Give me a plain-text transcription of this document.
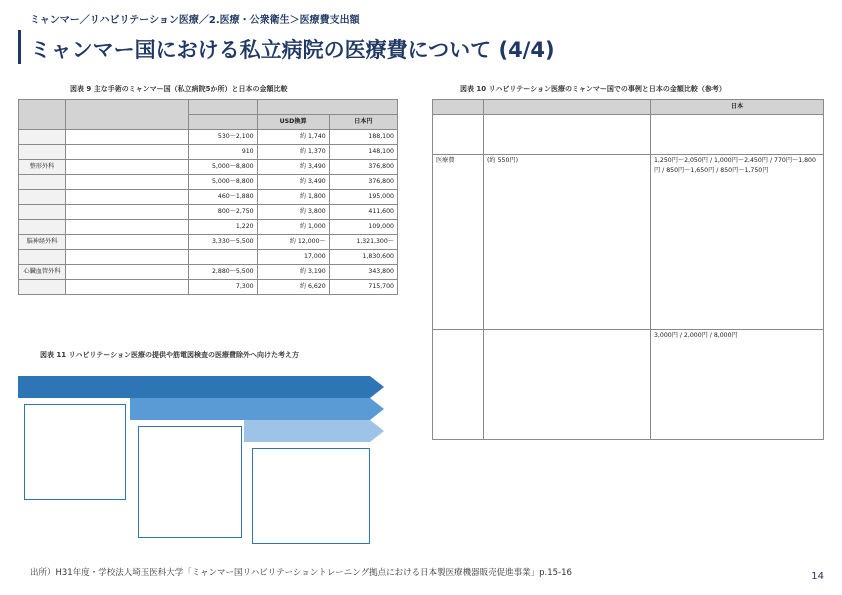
ミャンマー／リハビリテーション医療／2.医療・公衆衛生＞医療費支出額
ミャンマー国における私立病院の医療費について (4/4)
図表 9 主な手術のミャンマー国（私立病院5か所）と日本の金額比較

			USD換算	日本円
		530～2,100	約 1,740	188,100
		910	約 1,370	148,100
整形外科		5,000～8,800	約 3,490	376,800
		5,000～8,800	約 3,490	376,800
		460～1,880	約 1,800	195,000
		800～2,750	約 3,800	411,600
		1,220	約 1,000	109,000
脳神経外科		3,330～5,500	約 12,000～	1,321,300～
			17,000	1,830,600
心臓血管外科		2,880～5,500	約 3,190	343,800
		7,300	約 6,620	715,700
図表 10 リハビリテーション医療のミャンマー国での事例と日本の金額比較（参考）
		日本

医療費	(約 550円)	1,250円～2,050円 / 1,000円～2,450円 / 770円～1,800円 / 850円～1,650円 / 850円～1,750円
		3,000円 / 2,000円 / 8,000円
図表 11 リハビリテーション医療の提供や筋電図検査の医療費除外へ向けた考え方
出所）H31年度・学校法人埼玉医科大学「ミャンマー国リハビリテーショントレーニング拠点における日本製医療機器販売促進事業」p.15-16	14
